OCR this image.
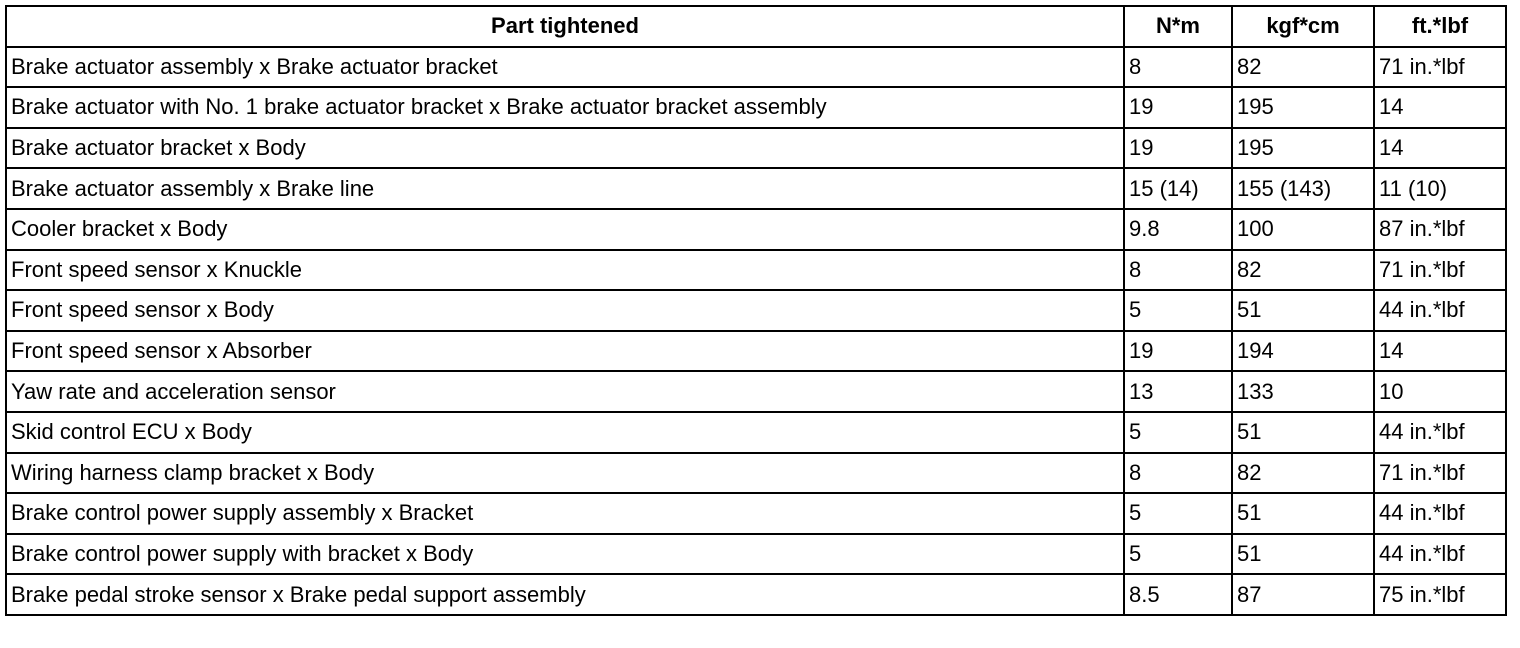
Part tightened	N*m	kgf*cm	ft.*lbf
Brake actuator assembly x Brake actuator bracket	8	82	71 in.*lbf
Brake actuator with No. 1 brake actuator bracket x Brake actuator bracket assembly	19	195	14
Brake actuator bracket x Body	19	195	14
Brake actuator assembly x Brake line	15 (14)	155 (143)	11 (10)
Cooler bracket x Body	9.8	100	87 in.*lbf
Front speed sensor x Knuckle	8	82	71 in.*lbf
Front speed sensor x Body	5	51	44 in.*lbf
Front speed sensor x Absorber	19	194	14
Yaw rate and acceleration sensor	13	133	10
Skid control ECU x Body	5	51	44 in.*lbf
Wiring harness clamp bracket x Body	8	82	71 in.*lbf
Brake control power supply assembly x Bracket	5	51	44 in.*lbf
Brake control power supply with bracket x Body	5	51	44 in.*lbf
Brake pedal stroke sensor x Brake pedal support assembly	8.5	87	75 in.*lbf
